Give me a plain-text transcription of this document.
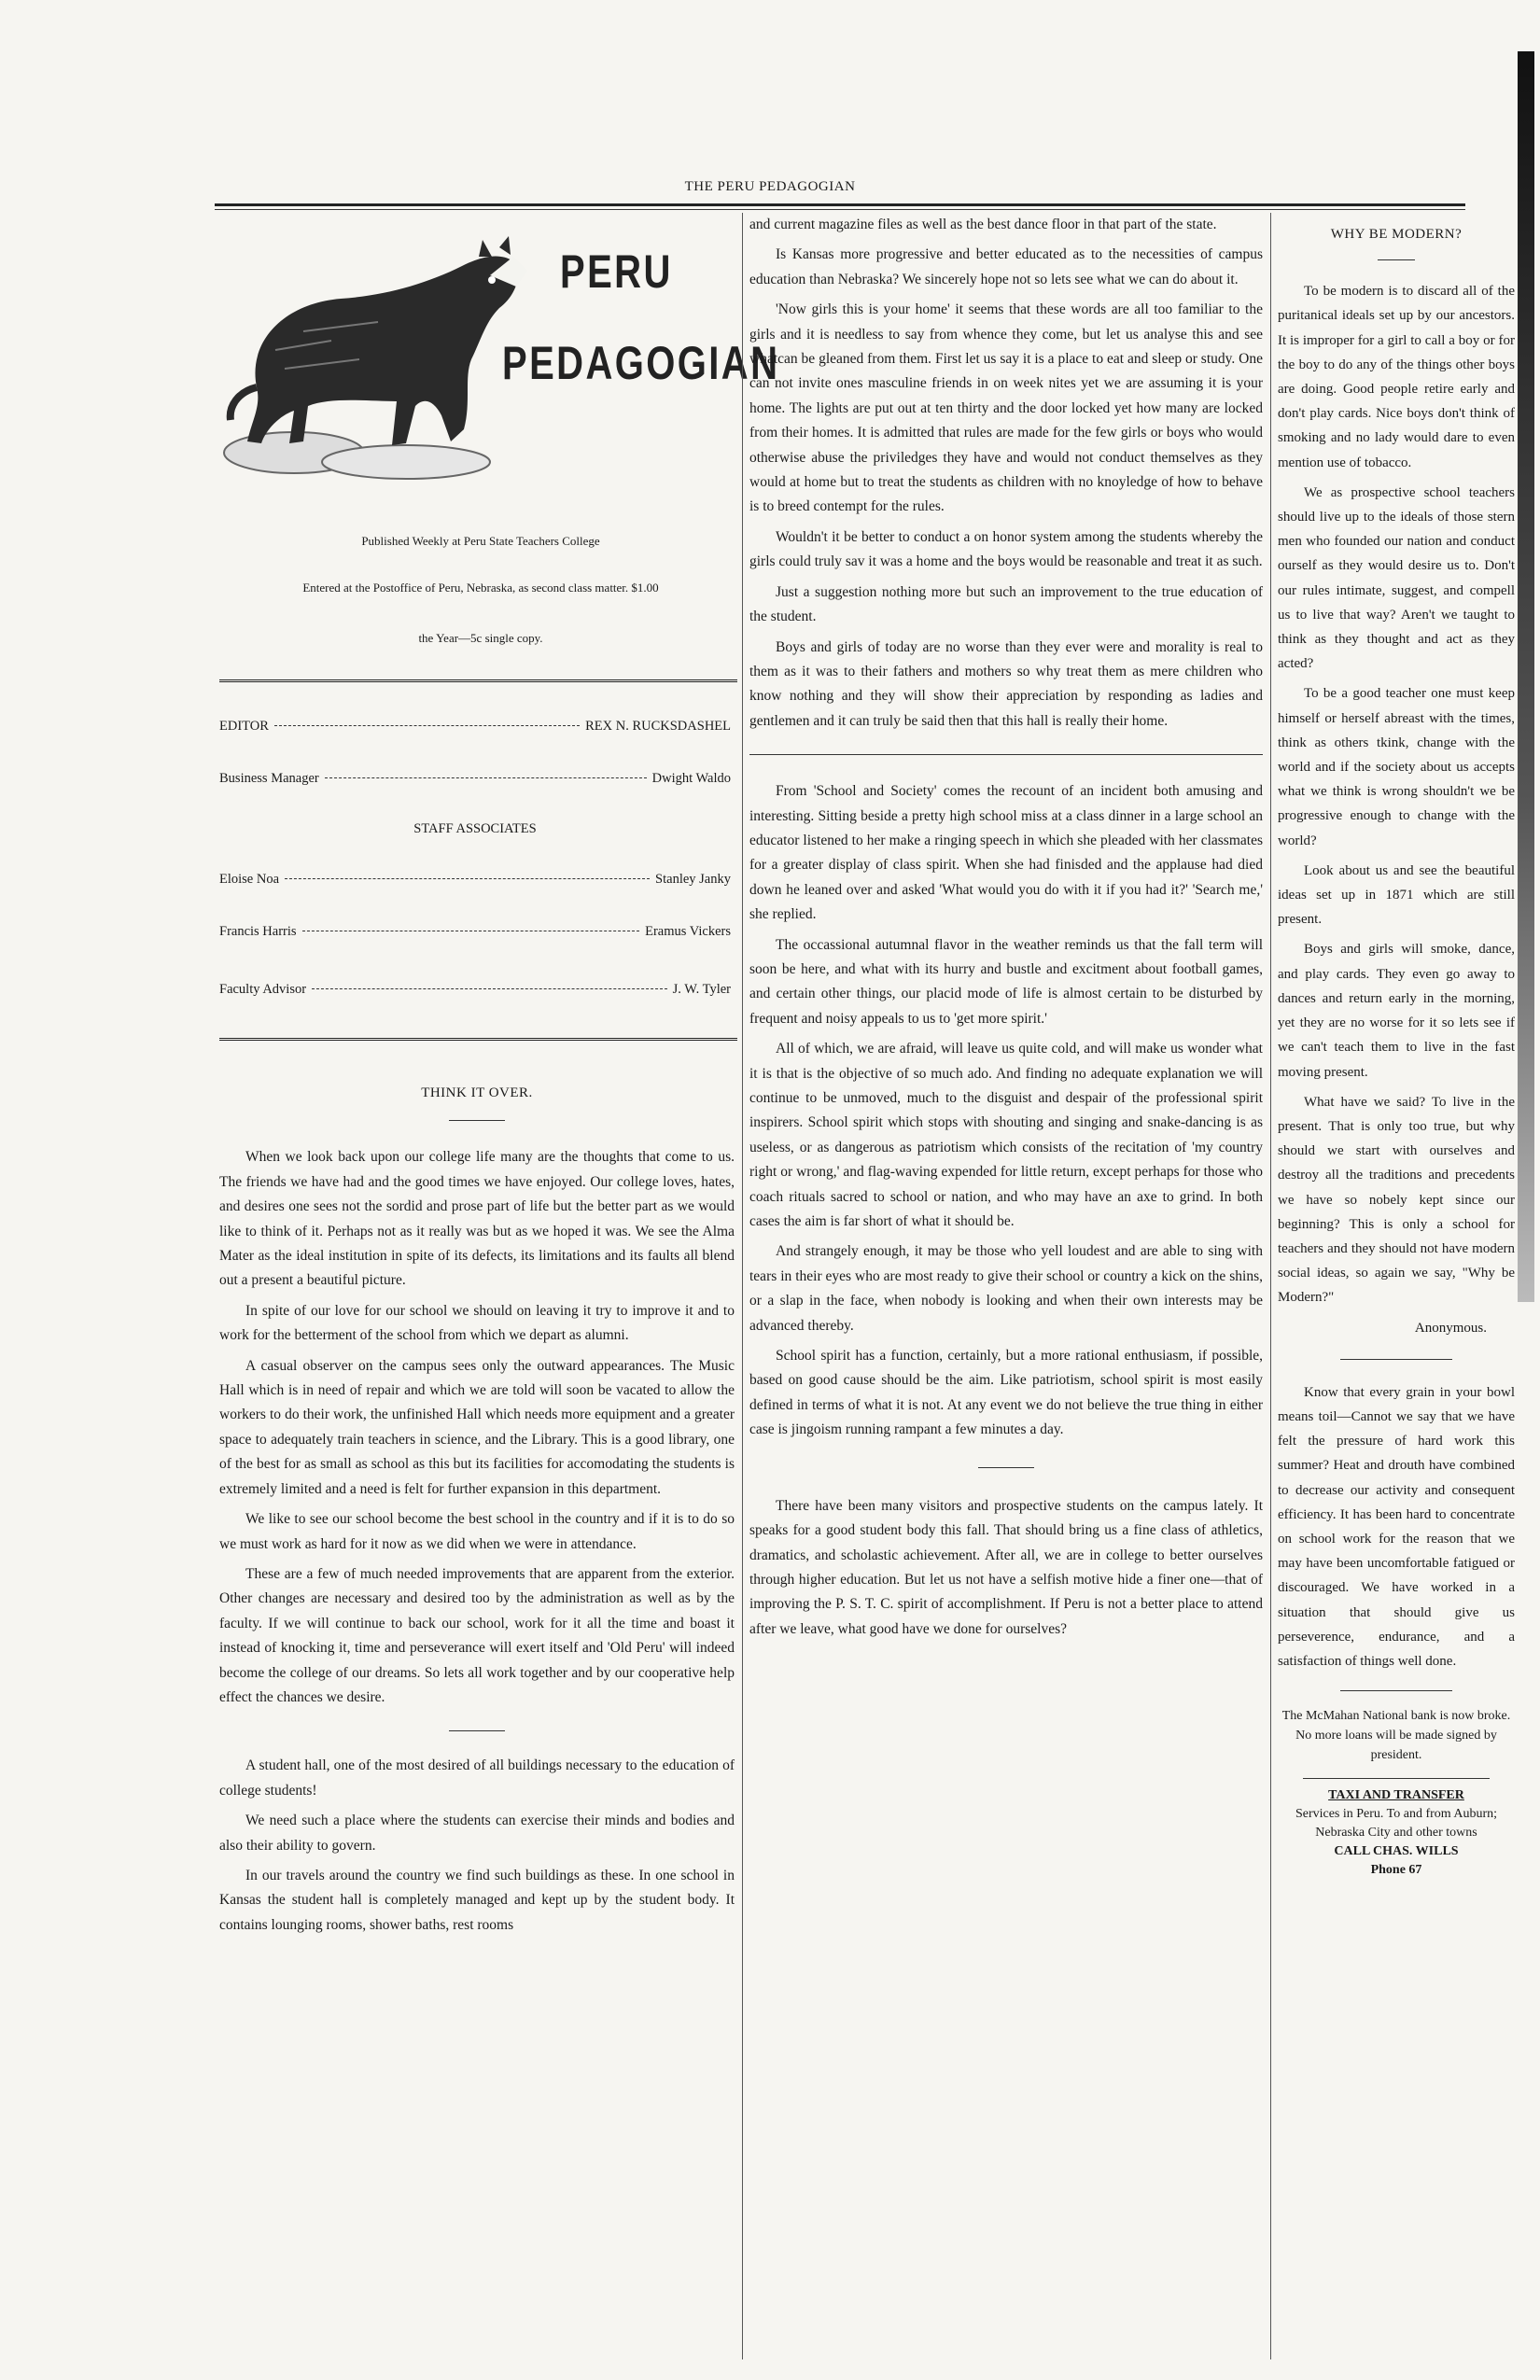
THE PERU PEDAGOGIAN
PERU
PEDAGOGIAN
Published Weekly at Peru State Teachers College
Entered at the Postoffice of Peru, Nebraska, as second class matter. $1.00
the Year—5c single copy.
EDITOR	REX N. RUCKSDASHEL
Business Manager	Dwight Waldo
STAFF ASSOCIATES
Eloise Noa	Stanley Janky
Francis Harris	Eramus Vickers
Faculty Advisor	J. W. Tyler

THINK IT OVER.

When we look back upon our college life many are the thoughts that come to us. The friends we have had and the good times we have enjoyed. Our college loves, hates, and desires one sees not the sordid and prose part of life but the better part as we would like to think of it. Perhaps not as it really was but as we hoped it was. We see the Alma Mater as the ideal institution in spite of its defects, its limitations and its faults all blend out a present a beautiful picture.

In spite of our love for our school we should on leaving it try to improve it and to work for the betterment of the school from which we depart as alumni.

A casual observer on the campus sees only the outward appearances. The Music Hall which is in need of repair and which we are told will soon be vacated to allow the workers to do their work, the unfinished Hall which needs more equipment and a greater space to adequately train teachers in science, and the Library. This is a good library, one of the best for as small as school as this but its facilities for accomodating the students is extremely limited and a need is felt for further expansion in this department.

We like to see our school become the best school in the country and if it is to do so we must work as hard for it now as we did when we were in attendance.

These are a few of much needed improvements that are apparent from the exterior. Other changes are necessary and desired too by the administration as well as by the faculty. If we will continue to back our school, work for it all the time and boast it instead of knocking it, time and perseverance will exert itself and 'Old Peru' will indeed become the college of our dreams. So lets all work together and by our cooperative help effect the chances we desire.

A student hall, one of the most desired of all buildings necessary to the education of college students!

We need such a place where the students can exercise their minds and bodies and also their ability to govern.

In our travels around the country we find such buildings as these. In one school in Kansas the student hall is completely managed and kept up by the student body. It contains lounging rooms, shower baths, rest rooms

and current magazine files as well as the best dance floor in that part of the state.

Is Kansas more progressive and better educated as to the necessities of campus education than Nebraska? We sincerely hope not so lets see what we can do about it.

'Now girls this is your home' it seems that these words are all too familiar to the girls and it is needless to say from whence they come, but let us analyse this and see whatcan be gleaned from them. First let us say it is a place to eat and sleep or study. One can not invite ones masculine friends in on week nites yet we are assuming it is your home. The lights are put out at ten thirty and the door locked yet how many are locked from their homes. It is admitted that rules are made for the few girls or boys who would otherwise abuse the priviledges they have and would not conduct themselves as they would at home but to treat the students as children with no knoyledge of how to behave is to breed contempt for the rules.

Wouldn't it be better to conduct a on honor system among the students whereby the girls could truly sav it was a home and the boys would be reasonable and treat it as such.

Just a suggestion nothing more but such an improvement to the true education of the student.

Boys and girls of today are no worse than they ever were and morality is real to them as it was to their fathers and mothers so why treat them as mere children who know nothing and they will show their appreciation by responding as ladies and gentlemen and it can truly be said then that this hall is really their home.

From 'School and Society' comes the recount of an incident both amusing and interesting. Sitting beside a pretty high school miss at a class dinner in a large school an educator listened to her make a ringing speech in which she pleaded with her classmates for a greater display of class spirit. When she had finisded and the applause had died down he leaned over and asked 'What would you do with it if you had it?' 'Search me,' she replied.

The occassional autumnal flavor in the weather reminds us that the fall term will soon be here, and what with its hurry and bustle and excitment about football games, and certain other things, our placid mode of life is almost certain to be disturbed by frequent and noisy appeals to us to 'get more spirit.'

All of which, we are afraid, will leave us quite cold, and will make us wonder what it is that is the objective of so much ado. And finding no adequate explanation we will continue to be unmoved, much to the disguist and despair of the professional spirit inspirers. School spirit which stops with shouting and singing and snake-dancing is as useless, or as dangerous as patriotism which consists of the recitation of 'my country right or wrong,' and flag-waving expended for little return, except perhaps for those who coach rituals sacred to school or nation, and who may have an axe to grind. In both cases the aim is far short of what it should be.

And strangely enough, it may be those who yell loudest and are able to sing with tears in their eyes who are most ready to give their school or country a kick on the shins, or a slap in the face, when nobody is looking and when their own interests may be advanced thereby.

School spirit has a function, certainly, but a more rational enthusiasm, if possible, based on good cause should be the aim. Like patriotism, school spirit is most easily defined in terms of what it is not. At any event we do not believe the true thing in either case is jingoism running rampant a few minutes a day.

There have been many visitors and prospective students on the campus lately. It speaks for a good student body this fall. That should bring us a fine class of athletics, dramatics, and scholastic achievement. After all, we are in college to better ourselves through higher education. But let us not have a selfish motive hide a finer one—that of improving the P. S. T. C. spirit of accomplishment. If Peru is not a better place to attend after we leave, what good have we done for ourselves?

WHY BE MODERN?

To be modern is to discard all of the puritanical ideals set up by our ancestors. It is improper for a girl to call a boy or for the boy to do any of the things other boys are doing. Good people retire early and don't play cards. Nice boys don't think of smoking and no lady would dare to even mention use of tobacco.

We as prospective school teachers should live up to the ideals of those stern men who founded our nation and conduct ourself as they would desire us to. Don't our rules intimate, suggest, and compell us to live that way? Aren't we taught to think as they thought and act as they acted?

To be a good teacher one must keep himself or herself abreast with the times, think as others tkink, change with the world and if the society about us accepts what we think is wrong shouldn't we be progressive enough to change with the world?

Look about us and see the beautiful ideas set up in 1871 which are still present.

Boys and girls will smoke, dance, and play cards. They even go away to dances and return early in the morning, yet they are no worse for it so lets see if we can't teach them to live in the fast moving present.

What have we said? To live in the present. That is only too true, but why should we start with ourselves and destroy all the traditions and precedents we have so nobely kept since our beginning? This is only a school for teachers and they should not have modern social ideas, so again we say, "Why be Modern?"

Anonymous.

Know that every grain in your bowl means toil—Cannot we say that we have felt the pressure of hard work this summer? Heat and drouth have combined to decrease our activity and consequent efficiency. It has been hard to concentrate on school work for the reason that we may have been uncomfortable fatigued or discouraged. We have worked in a situation that should give us perseverence, endurance, and a satisfaction of things well done.

The McMahan National bank is now broke. No more loans will be made signed by president.

TAXI AND TRANSFER

Services in Peru. To and from Auburn; Nebraska City and other towns

CALL CHAS. WILLS

Phone 67
